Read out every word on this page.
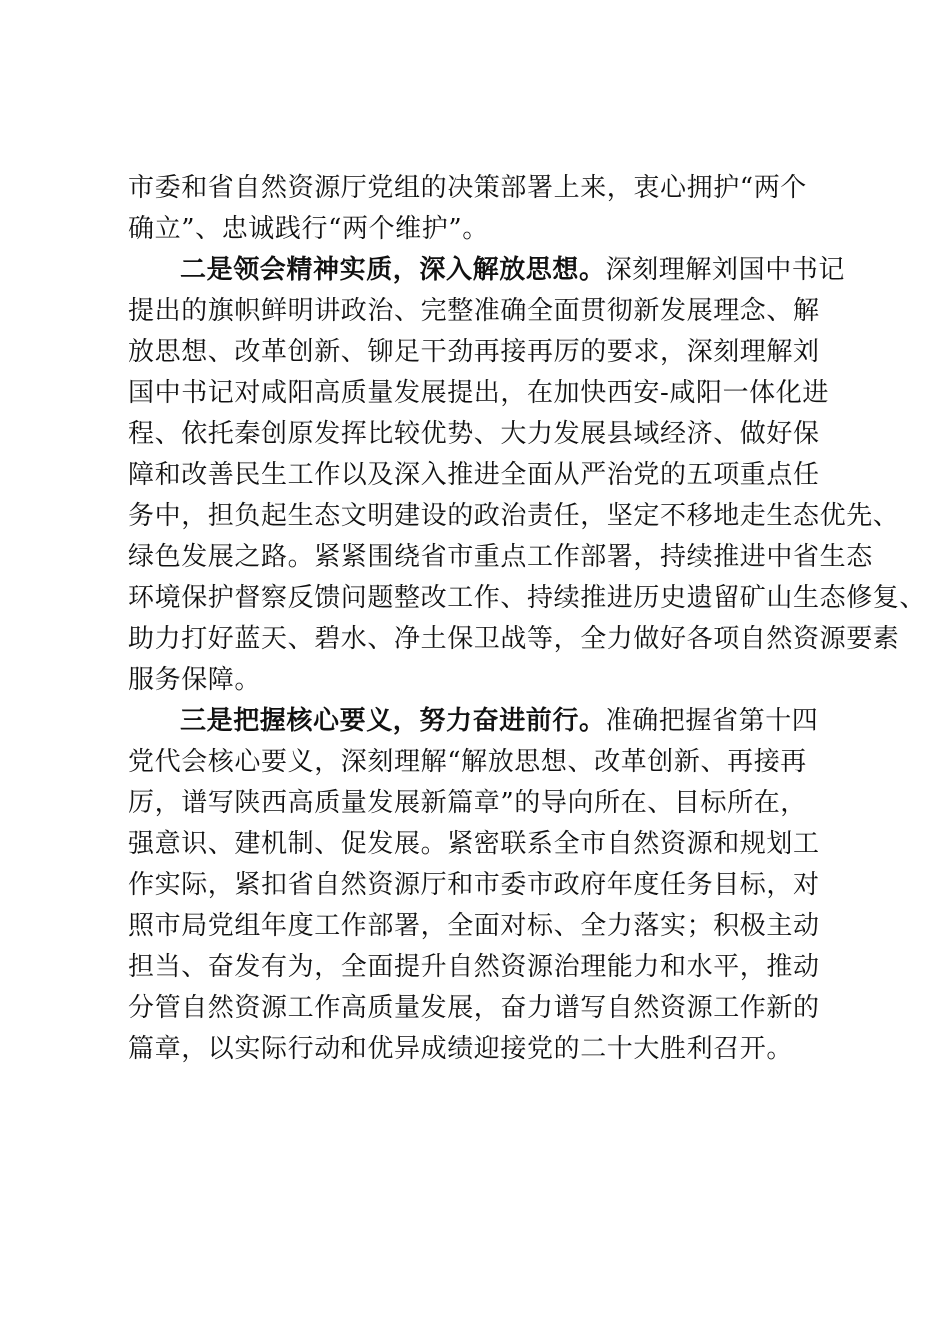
市委和省自然资源厅党组的决策部署上来，衷心拥护“两个
确立”、忠诚践行“两个维护”。
二是领会精神实质，深入解放思想。深刻理解刘国中书记
提出的旗帜鲜明讲政治、完整准确全面贯彻新发展理念、解
放思想、改革创新、铆足干劲再接再厉的要求，深刻理解刘
国中书记对咸阳高质量发展提出，在加快西安-咸阳一体化进
程、依托秦创原发挥比较优势、大力发展县域经济、做好保
障和改善民生工作以及深入推进全面从严治党的五项重点任
务中，担负起生态文明建设的政治责任，坚定不移地走生态优先、
绿色发展之路。紧紧围绕省市重点工作部署，持续推进中省生态
环境保护督察反馈问题整改工作、持续推进历史遗留矿山生态修复、
助力打好蓝天、碧水、净土保卫战等，全力做好各项自然资源要素
服务保障。
三是把握核心要义，努力奋进前行。准确把握省第十四
党代会核心要义，深刻理解“解放思想、改革创新、再接再
厉，谱写陕西高质量发展新篇章”的导向所在、目标所在，
强意识、建机制、促发展。紧密联系全市自然资源和规划工
作实际，紧扣省自然资源厅和市委市政府年度任务目标，对
照市局党组年度工作部署，全面对标、全力落实；积极主动
担当、奋发有为，全面提升自然资源治理能力和水平，推动
分管自然资源工作高质量发展，奋力谱写自然资源工作新的
篇章，以实际行动和优异成绩迎接党的二十大胜利召开。
